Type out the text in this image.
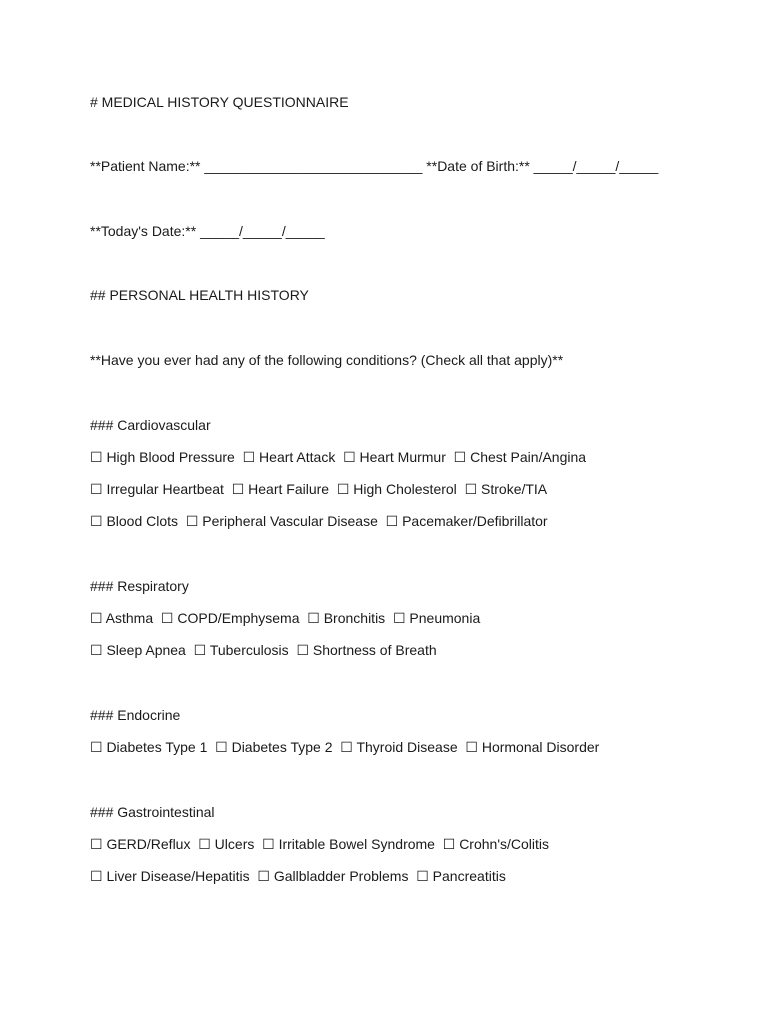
# MEDICAL HISTORY QUESTIONNAIRE
**Patient Name:** ____________________________ **Date of Birth:** _____/_____/_____
**Today's Date:** _____/_____/_____
## PERSONAL HEALTH HISTORY
**Have you ever had any of the following conditions? (Check all that apply)**
### Cardiovascular
☐ High Blood Pressure  ☐ Heart Attack  ☐ Heart Murmur  ☐ Chest Pain/Angina
☐ Irregular Heartbeat  ☐ Heart Failure  ☐ High Cholesterol  ☐ Stroke/TIA
☐ Blood Clots  ☐ Peripheral Vascular Disease  ☐ Pacemaker/Defibrillator
### Respiratory
☐ Asthma  ☐ COPD/Emphysema  ☐ Bronchitis  ☐ Pneumonia
☐ Sleep Apnea  ☐ Tuberculosis  ☐ Shortness of Breath
### Endocrine
☐ Diabetes Type 1  ☐ Diabetes Type 2  ☐ Thyroid Disease  ☐ Hormonal Disorder
### Gastrointestinal
☐ GERD/Reflux  ☐ Ulcers  ☐ Irritable Bowel Syndrome  ☐ Crohn's/Colitis
☐ Liver Disease/Hepatitis  ☐ Gallbladder Problems  ☐ Pancreatitis
